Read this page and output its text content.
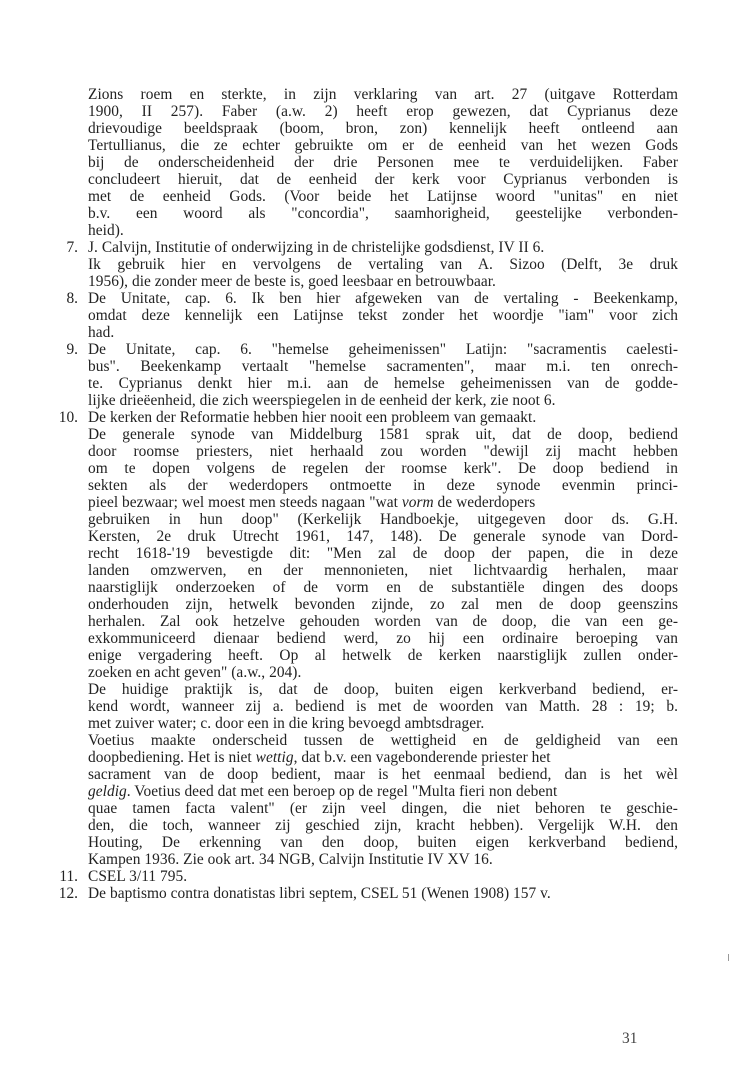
Zions roem en sterkte, in zijn verklaring van art. 27 (uitgave Rotterdam
1900, II 257). Faber (a.w. 2) heeft erop gewezen, dat Cyprianus deze
drievoudige beeldspraak (boom, bron, zon) kennelijk heeft ontleend aan
Tertullianus, die ze echter gebruikte om er de eenheid van het wezen Gods
bij de onderscheidenheid der drie Personen mee te verduidelijken. Faber
concludeert hieruit, dat de eenheid der kerk voor Cyprianus verbonden is
met de eenheid Gods. (Voor beide het Latijnse woord "unitas" en niet
b.v. een woord als "concordia", saamhorigheid, geestelijke verbonden-
heid).
7. J. Calvijn, Institutie of onderwijzing in de christelijke godsdienst, IV II 6.
Ik gebruik hier en vervolgens de vertaling van A. Sizoo (Delft, 3e druk
1956), die zonder meer de beste is, goed leesbaar en betrouwbaar.
8. De Unitate, cap. 6. Ik ben hier afgeweken van de vertaling - Beekenkamp,
omdat deze kennelijk een Latijnse tekst zonder het woordje "iam" voor zich
had.
9. De Unitate, cap. 6. "hemelse geheimenissen" Latijn: "sacramentis caelesti-
bus". Beekenkamp vertaalt "hemelse sacramenten", maar m.i. ten onrech-
te. Cyprianus denkt hier m.i. aan de hemelse geheimenissen van de godde-
lijke drieëenheid, die zich weerspiegelen in de eenheid der kerk, zie noot 6.
10. De kerken der Reformatie hebben hier nooit een probleem van gemaakt.
De generale synode van Middelburg 1581 sprak uit, dat de doop, bediend
door roomse priesters, niet herhaald zou worden "dewijl zij macht hebben
om te dopen volgens de regelen der roomse kerk". De doop bediend in
sekten als der wederdopers ontmoette in deze synode evenmin princi-
pieel bezwaar; wel moest men steeds nagaan "wat vorm de wederdopers
gebruiken in hun doop" (Kerkelijk Handboekje, uitgegeven door ds. G.H.
Kersten, 2e druk Utrecht 1961, 147, 148). De generale synode van Dord-
recht 1618-'19 bevestigde dit: "Men zal de doop der papen, die in deze
landen omzwerven, en der mennonieten, niet lichtvaardig herhalen, maar
naarstiglijk onderzoeken of de vorm en de substantiële dingen des doops
onderhouden zijn, hetwelk bevonden zijnde, zo zal men de doop geenszins
herhalen. Zal ook hetzelve gehouden worden van de doop, die van een ge-
exkommuniceerd dienaar bediend werd, zo hij een ordinaire beroeping van
enige vergadering heeft. Op al hetwelk de kerken naarstiglijk zullen onder-
zoeken en acht geven" (a.w., 204).
De huidige praktijk is, dat de doop, buiten eigen kerkverband bediend, er-
kend wordt, wanneer zij a. bediend is met de woorden van Matth. 28 : 19; b.
met zuiver water; c. door een in die kring bevoegd ambtsdrager.
Voetius maakte onderscheid tussen de wettigheid en de geldigheid van een
doopbediening. Het is niet wettig, dat b.v. een vagebonderende priester het
sacrament van de doop bedient, maar is het eenmaal bediend, dan is het wèl
geldig. Voetius deed dat met een beroep op de regel "Multa fieri non debent
quae tamen facta valent" (er zijn veel dingen, die niet behoren te geschie-
den, die toch, wanneer zij geschied zijn, kracht hebben). Vergelijk W.H. den
Houting, De erkenning van den doop, buiten eigen kerkverband bediend,
Kampen 1936. Zie ook art. 34 NGB, Calvijn Institutie IV XV 16.
11. CSEL 3/11 795.
12. De baptismo contra donatistas libri septem, CSEL 51 (Wenen 1908) 157 v.
31
